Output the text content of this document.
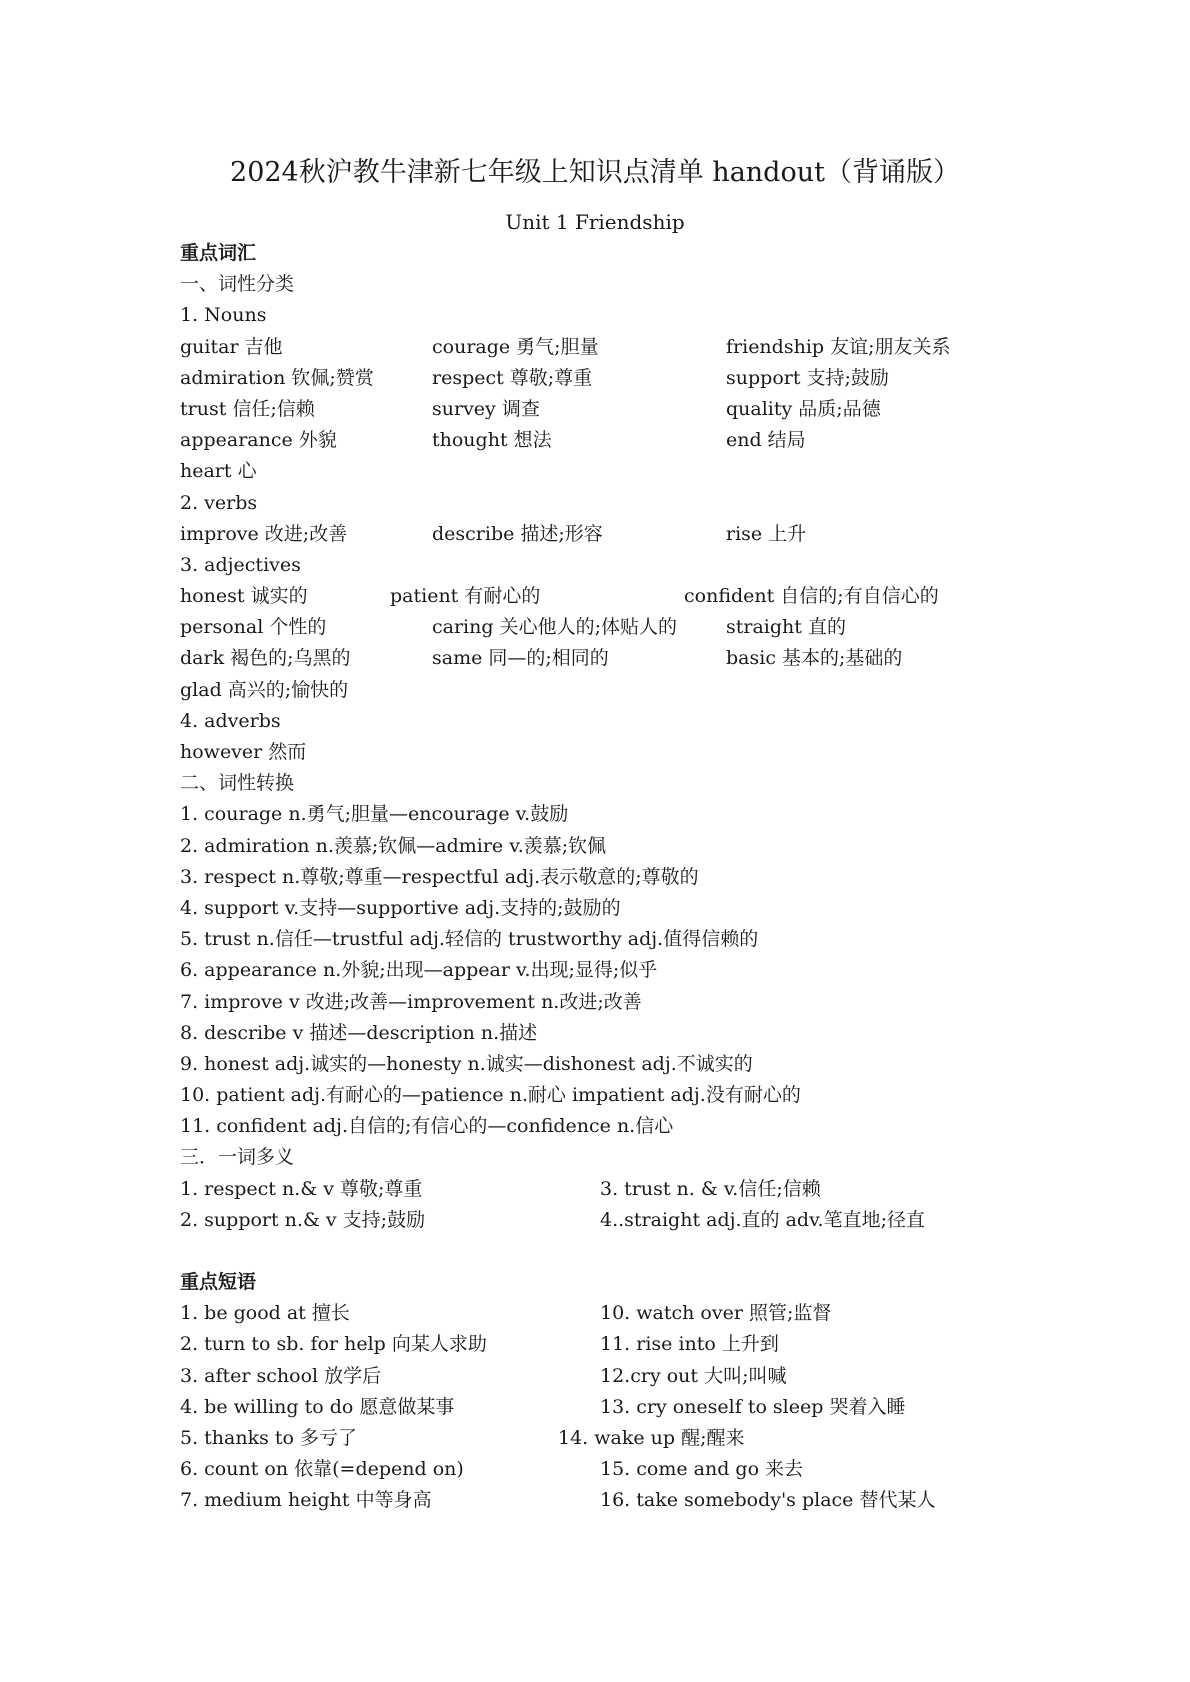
2024秋沪教牛津新七年级上知识点清单 handout（背诵版）
Unit 1 Friendship
重点词汇
一、词性分类
1. Nouns
guitar 吉他	courage 勇气;胆量	friendship 友谊;朋友关系
admiration 钦佩;赞赏	respect 尊敬;尊重	support 支持;鼓励
trust 信任;信赖	survey 调查	quality 品质;品德
appearance 外貌	thought 想法	end 结局
heart 心
2. verbs
improve 改进;改善	describe 描述;形容	rise 上升
3. adjectives
honest 诚实的	patient 有耐心的	confident 自信的;有自信心的
personal 个性的	caring 关心他人的;体贴人的	straight 直的
dark 褐色的;乌黑的	same 同—的;相同的	basic 基本的;基础的
glad 高兴的;愉快的
4. adverbs
however 然而
二、词性转换
1. courage n.勇气;胆量—encourage v.鼓励
2. admiration n.羡慕;钦佩—admire v.羡慕;钦佩
3. respect n.尊敬;尊重—respectful adj.表示敬意的;尊敬的
4. support v.支持—supportive adj.支持的;鼓励的
5. trust n.信任—trustful adj.轻信的 trustworthy adj.值得信赖的
6. appearance n.外貌;出现—appear v.出现;显得;似乎
7. improve v 改进;改善—improvement n.改进;改善
8. describe v 描述—description n.描述
9. honest adj.诚实的—honesty n.诚实—dishonest adj.不诚实的
10. patient adj.有耐心的—patience n.耐心 impatient adj.没有耐心的
11. confident adj.自信的;有信心的—confidence n.信心
三．一词多义
1. respect n.& v 尊敬;尊重	3. trust n. & v.信任;信赖
2. support n.& v 支持;鼓励	4..straight adj.直的 adv.笔直地;径直
重点短语
1. be good at 擅长	10. watch over 照管;监督
2. turn to sb. for help 向某人求助	11. rise into 上升到
3. after school 放学后	12.cry out 大叫;叫喊
4. be willing to do 愿意做某事	13. cry oneself to sleep 哭着入睡
5. thanks to 多亏了	14. wake up 醒;醒来
6. count on 依靠(=depend on)	15. come and go 来去
7. medium height 中等身高	16. take somebody's place 替代某人
